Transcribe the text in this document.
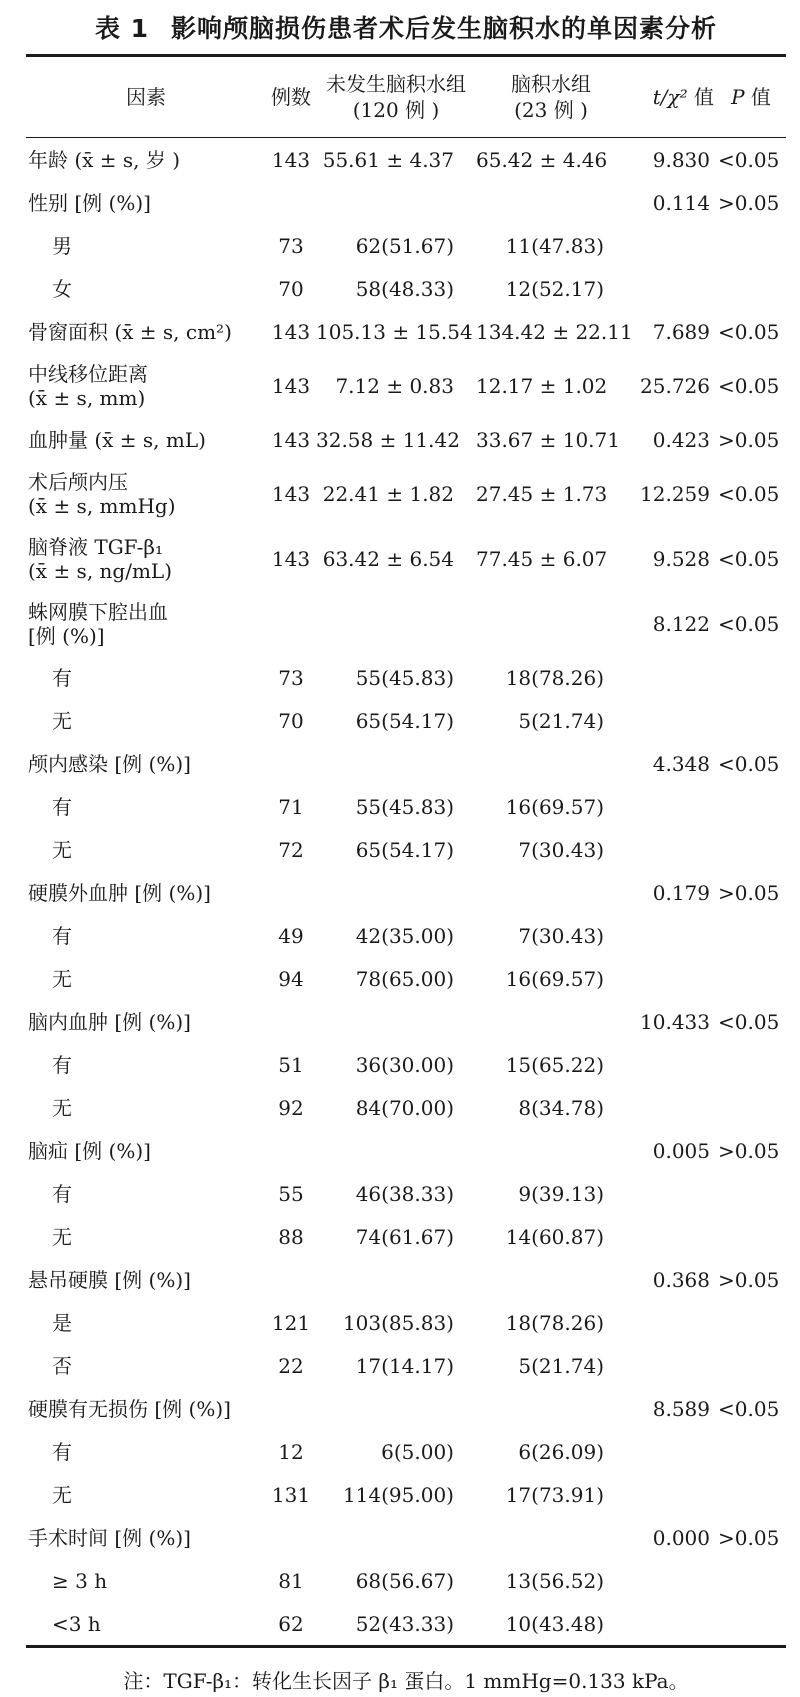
表 1 影响颅脑损伤患者术后发生脑积水的单因素分析
因素	例数	未发生脑积水组 (120 例 )	脑积水组 (23 例 )	t/χ² 值	P 值

年龄 (x̄ ± s, 岁 )	143	55.61 ± 4.37	65.42 ± 4.46	9.830	<0.05

性别 [例 (%)]				0.114	>0.05

男	73	62(51.67)	11(47.83)		

女	70	58(48.33)	12(52.17)		

骨窗面积 (x̄ ± s, cm²)	143	105.13 ± 15.54	134.42 ± 22.11	7.689	<0.05

中线移位距离
(x̄ ± s, mm)	143	7.12 ± 0.83	12.17 ± 1.02	25.726	<0.05

血肿量 (x̄ ± s, mL)	143	32.58 ± 11.42	33.67 ± 10.71	0.423	>0.05

术后颅内压
(x̄ ± s, mmHg)	143	22.41 ± 1.82	27.45 ± 1.73	12.259	<0.05

脑脊液 TGF-β₁
(x̄ ± s, ng/mL)	143	63.42 ± 6.54	77.45 ± 6.07	9.528	<0.05

蛛网膜下腔出血
[例 (%)]				8.122	<0.05

有	73	55(45.83)	18(78.26)		

无	70	65(54.17)	5(21.74)		

颅内感染 [例 (%)]				4.348	<0.05

有	71	55(45.83)	16(69.57)		

无	72	65(54.17)	7(30.43)		

硬膜外血肿 [例 (%)]				0.179	>0.05

有	49	42(35.00)	7(30.43)		

无	94	78(65.00)	16(69.57)		

脑内血肿 [例 (%)]				10.433	<0.05

有	51	36(30.00)	15(65.22)		

无	92	84(70.00)	8(34.78)		

脑疝 [例 (%)]				0.005	>0.05

有	55	46(38.33)	9(39.13)		

无	88	74(61.67)	14(60.87)		

悬吊硬膜 [例 (%)]				0.368	>0.05

是	121	103(85.83)	18(78.26)		

否	22	17(14.17)	5(21.74)		

硬膜有无损伤 [例 (%)]				8.589	<0.05

有	12	6(5.00)	6(26.09)		

无	131	114(95.00)	17(73.91)		

手术时间 [例 (%)]				0.000	>0.05

≥ 3 h	81	68(56.67)	13(56.52)		

<3 h	62	52(43.33)	10(43.48)		
注：TGF-β₁：转化生长因子 β₁ 蛋白。1 mmHg=0.133 kPa。
